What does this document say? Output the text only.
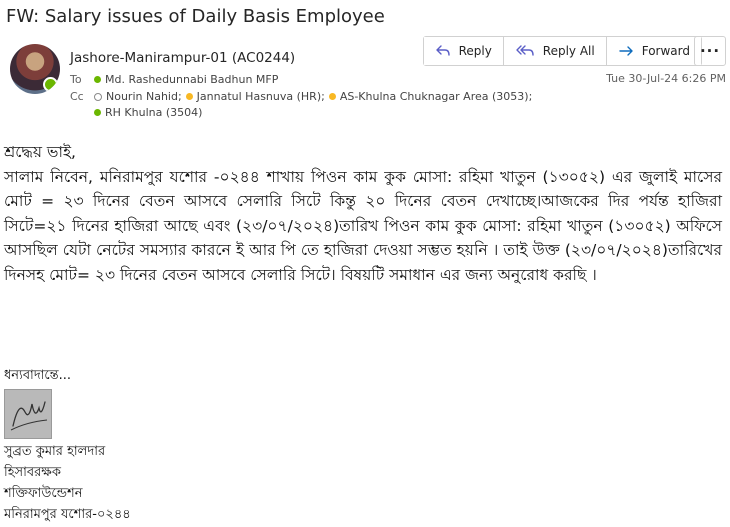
FW: Salary issues of Daily Basis Employee
Jashore-Manirampur-01 (AC0244)
To	Md. Rashedunnabi Badhun MFP
Cc	Nourin Nahid; Jannatul Hasnuva (HR); AS-Khulna Chuknagar Area (3053);
RH Khulna (3504)
Reply	Reply All	Forward ···
Tue 30-Jul-24 6:26 PM
শ্রদ্ধেয় ভাই,
সালাম নিবেন, মনিরামপুর যশোর -০২৪৪ শাখায় পিওন কাম কুক মোসা: রহিমা খাতুন (১৩০৫২) এর জুলাই মাসের মোট = ২৩ দিনের বেতন আসবে সেলারি সিটে কিন্তু ২০ দিনের বেতন দেখাচ্ছে।আজকের দির পর্যন্ত হাজিরা সিটে=২১ দিনের হাজিরা আছে এবং (২৩/০৭/২০২৪)তারিখ পিওন কাম কুক মোসা: রহিমা খাতুন (১৩০৫২) অফিসে আসছিল যেটা নেটের সমস্যার কারনে ই আর পি তে হাজিরা দেওয়া সম্ভত হয়নি । তাই উক্ত (২৩/০৭/২০২৪)তারিখের দিনসহ মোট= ২৩ দিনের বেতন আসবে সেলারি সিটে। বিষয়টি সমাধান এর জন্য অনুরোধ করছি ।
ধন্যবাদান্তে...
সুব্রত কুমার হালদার
হিসাবরক্ষক
শক্তিফাউন্ডেশন
মনিরামপুর যশোর-০২৪৪
